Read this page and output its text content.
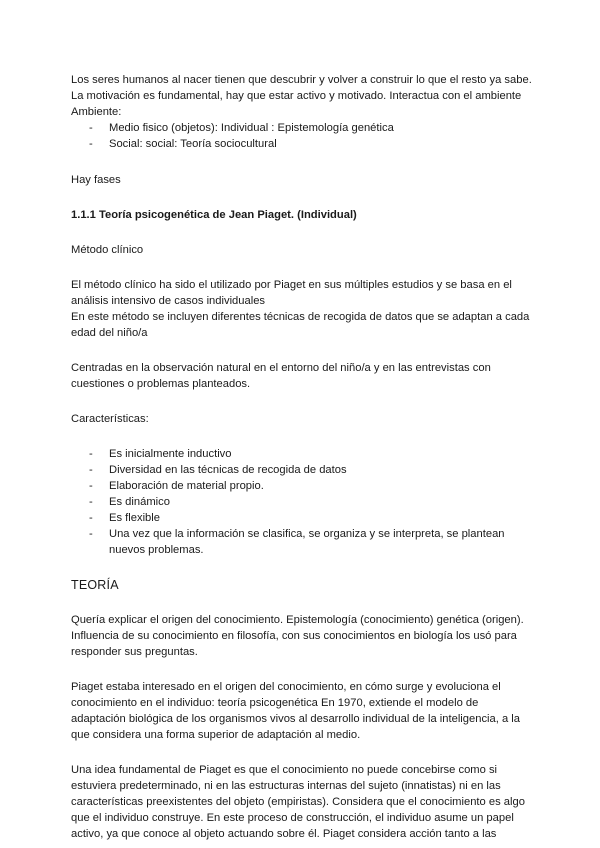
Los seres humanos al nacer tienen que descubrir y volver a construir lo que el resto ya sabe. La motivación es fundamental, hay que estar activo y motivado. Interactua con el ambiente

Ambiente:

- Medio fisico (objetos): Individual : Epistemología genética
- Social: social: Teoría sociocultural

Hay fases

1.1.1 Teoría psicogenética de Jean Piaget. (Individual)

Método clínico

El método clínico ha sido el utilizado por Piaget en sus múltiples estudios y se basa en el análisis intensivo de casos individuales

En este método se incluyen diferentes técnicas de recogida de datos que se adaptan a cada edad del niño/a

Centradas en la observación natural en el entorno del niño/a y en las entrevistas con cuestiones o problemas planteados.

Características:

- Es inicialmente inductivo
- Diversidad en las técnicas de recogida de datos
- Elaboración de material propio.
- Es dinámico
- Es flexible
- Una vez que la información se clasifica, se organiza y se interpreta, se plantean nuevos problemas.

TEORÍA

Quería explicar el origen del conocimiento. Epistemología (conocimiento) genética (origen). Influencia de su conocimiento en filosofía, con sus conocimientos en biología los usó para responder sus preguntas.

Piaget estaba interesado en el origen del conocimiento, en cómo surge y evoluciona el conocimiento en el individuo: teoría psicogenética En 1970, extiende el modelo de adaptación biológica de los organismos vivos al desarrollo individual de la inteligencia, a la que considera una forma superior de adaptación al medio.

Una idea fundamental de Piaget es que el conocimiento no puede concebirse como si estuviera predeterminado, ni en las estructuras internas del sujeto (innatistas) ni en las características preexistentes del objeto (empiristas). Considera que el conocimiento es algo que el individuo construye. En este proceso de construcción, el individuo asume un papel activo, ya que conoce al objeto actuando sobre él. Piaget considera acción tanto a las
